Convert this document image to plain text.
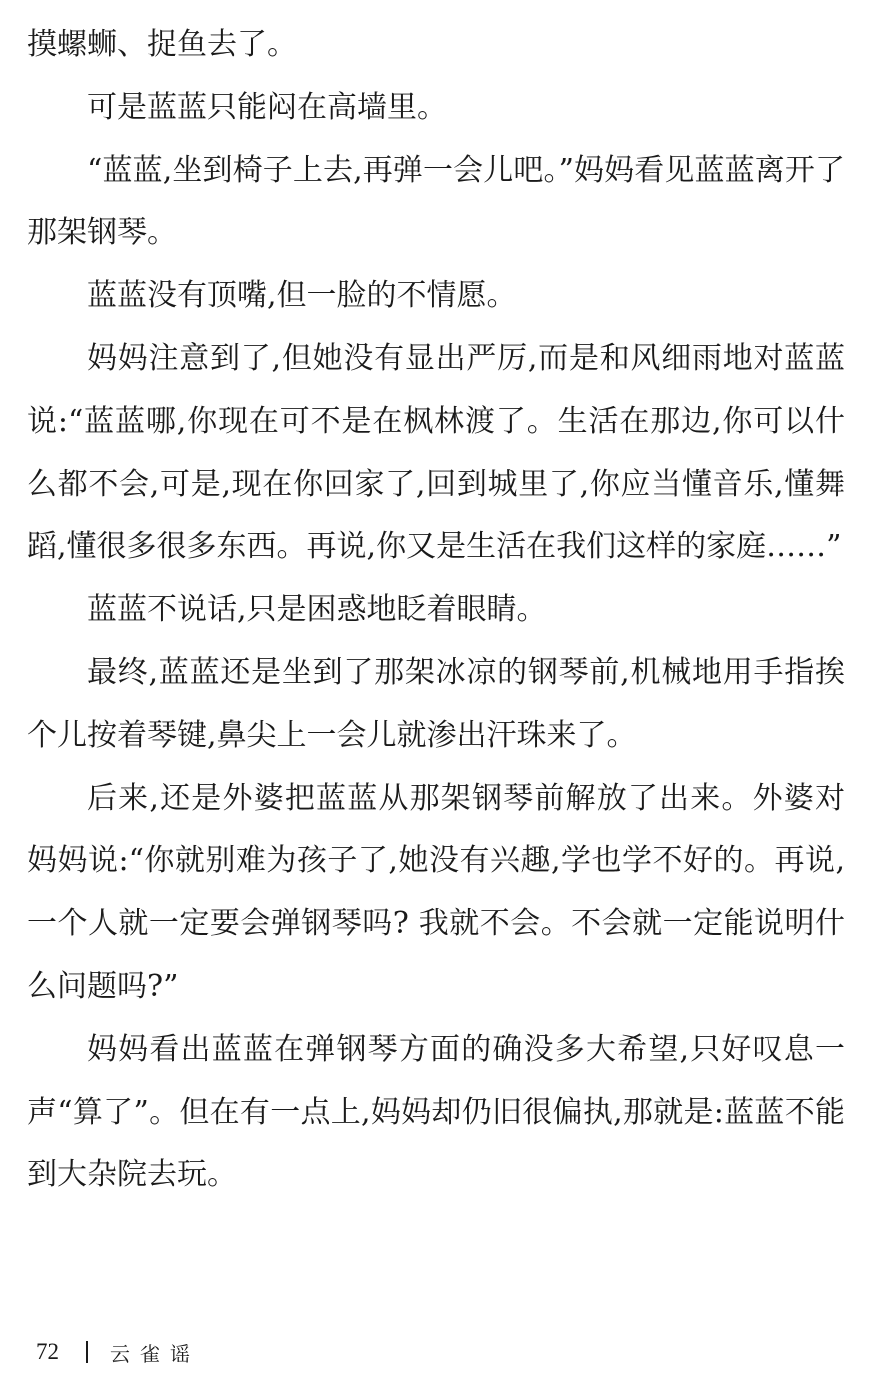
摸螺蛳、捉鱼去了。

可是蓝蓝只能闷在高墙里。

“蓝蓝,坐到椅子上去,再弹一会儿吧。”妈妈看见蓝蓝离开了那架钢琴。

蓝蓝没有顶嘴,但一脸的不情愿。

妈妈注意到了,但她没有显出严厉,而是和风细雨地对蓝蓝说:“蓝蓝哪,你现在可不是在枫林渡了。生活在那边,你可以什么都不会,可是,现在你回家了,回到城里了,你应当懂音乐,懂舞蹈,懂很多很多东西。再说,你又是生活在我们这样的家庭……”

蓝蓝不说话,只是困惑地眨着眼睛。

最终,蓝蓝还是坐到了那架冰凉的钢琴前,机械地用手指挨个儿按着琴键,鼻尖上一会儿就渗出汗珠来了。

后来,还是外婆把蓝蓝从那架钢琴前解放了出来。外婆对妈妈说:“你就别难为孩子了,她没有兴趣,学也学不好的。再说,一个人就一定要会弹钢琴吗? 我就不会。不会就一定能说明什么问题吗?”

妈妈看出蓝蓝在弹钢琴方面的确没多大希望,只好叹息一声“算了”。但在有一点上,妈妈却仍旧很偏执,那就是:蓝蓝不能到大杂院去玩。

72	云雀谣
